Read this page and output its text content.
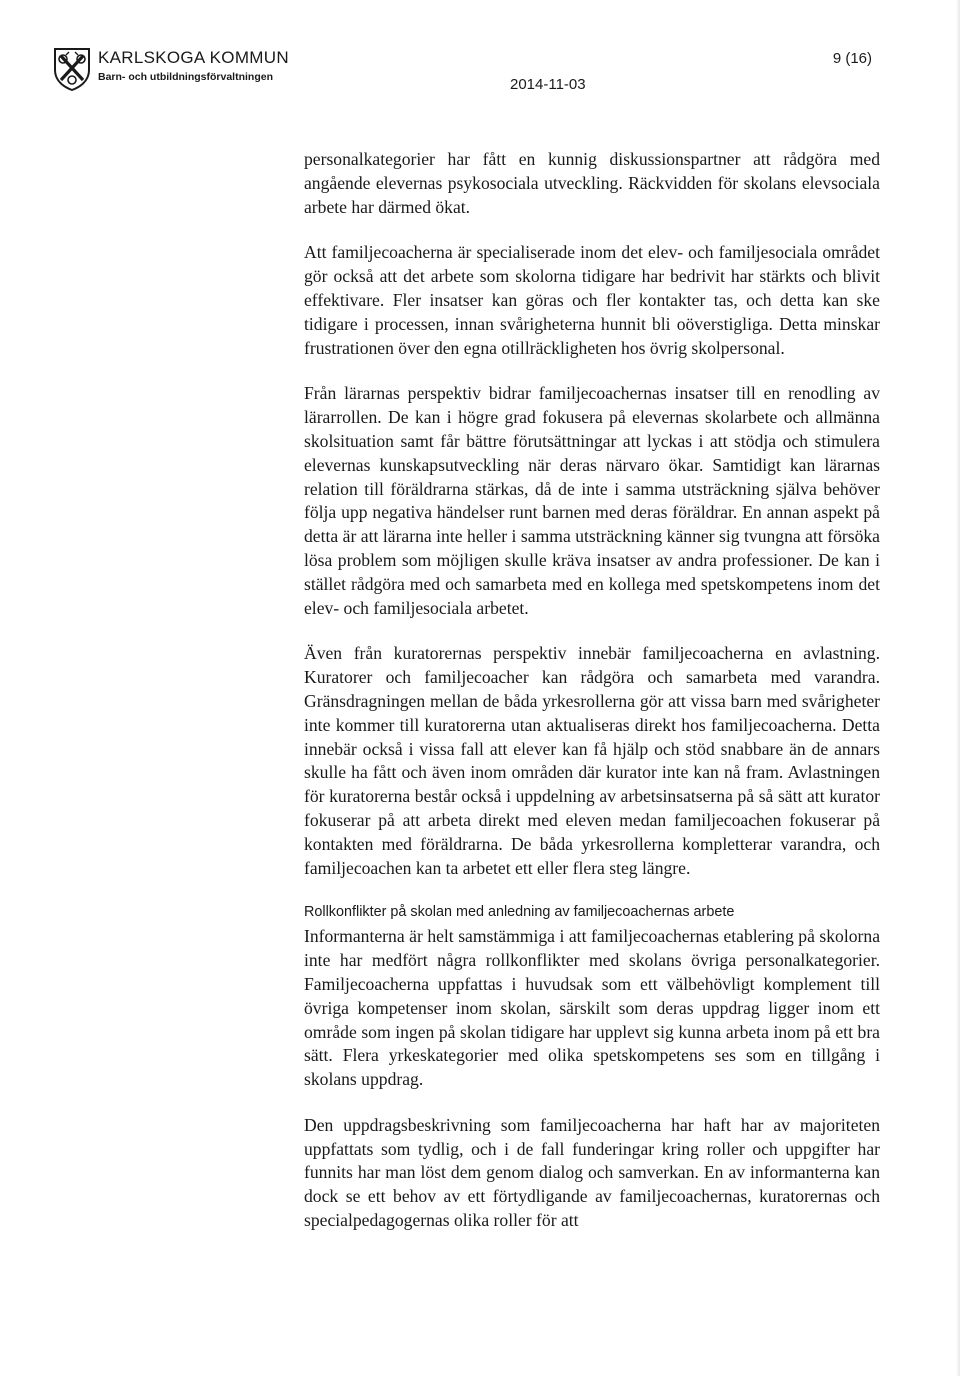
KARLSKOGA KOMMUN
Barn- och utbildningsförvaltningen	2014-11-03
9 (16)

personalkategorier har fått en kunnig diskussionspartner att rådgöra med angående elevernas psykosociala utveckling. Räckvidden för skolans elevsociala arbete har därmed ökat.

Att familjecoacherna är specialiserade inom det elev- och familjesociala området gör också att det arbete som skolorna tidigare har bedrivit har stärkts och blivit effektivare. Fler insatser kan göras och fler kontakter tas, och detta kan ske tidigare i processen, innan svårigheterna hunnit bli oöverstigliga. Detta minskar frustrationen över den egna otillräckligheten hos övrig skolpersonal.

Från lärarnas perspektiv bidrar familjecoachernas insatser till en renodling av lärarrollen. De kan i högre grad fokusera på elevernas skolarbete och allmänna skolsituation samt får bättre förutsättningar att lyckas i att stödja och stimulera elevernas kunskapsutveckling när deras närvaro ökar. Samtidigt kan lärarnas relation till föräldrarna stärkas, då de inte i samma utsträckning själva behöver följa upp negativa händelser runt barnen med deras föräldrar. En annan aspekt på detta är att lärarna inte heller i samma utsträckning känner sig tvungna att försöka lösa problem som möjligen skulle kräva insatser av andra professioner. De kan i stället rådgöra med och samarbeta med en kollega med spetskompetens inom det elev- och familjesociala arbetet.

Även från kuratorernas perspektiv innebär familjecoacherna en avlastning. Kuratorer och familjecoacher kan rådgöra och samarbeta med varandra. Gränsdragningen mellan de båda yrkesrollerna gör att vissa barn med svårigheter inte kommer till kuratorerna utan aktualiseras direkt hos familjecoacherna. Detta innebär också i vissa fall att elever kan få hjälp och stöd snabbare än de annars skulle ha fått och även inom områden där kurator inte kan nå fram. Avlastningen för kuratorerna består också i uppdelning av arbetsinsatserna på så sätt att kurator fokuserar på att arbeta direkt med eleven medan familjecoachen fokuserar på kontakten med föräldrarna. De båda yrkesrollerna kompletterar varandra, och familjecoachen kan ta arbetet ett eller flera steg längre.

Rollkonflikter på skolan med anledning av familjecoachernas arbete

Informanterna är helt samstämmiga i att familjecoachernas etablering på skolorna inte har medfört några rollkonflikter med skolans övriga personalkategorier. Familjecoacherna uppfattas i huvudsak som ett välbehövligt komplement till övriga kompetenser inom skolan, särskilt som deras uppdrag ligger inom ett område som ingen på skolan tidigare har upplevt sig kunna arbeta inom på ett bra sätt. Flera yrkeskategorier med olika spetskompetens ses som en tillgång i skolans uppdrag.

Den uppdragsbeskrivning som familjecoacherna har haft har av majoriteten uppfattats som tydlig, och i de fall funderingar kring roller och uppgifter har funnits har man löst dem genom dialog och samverkan. En av informanterna kan dock se ett behov av ett förtydligande av familjecoachernas, kuratorernas och specialpedagogernas olika roller för att
